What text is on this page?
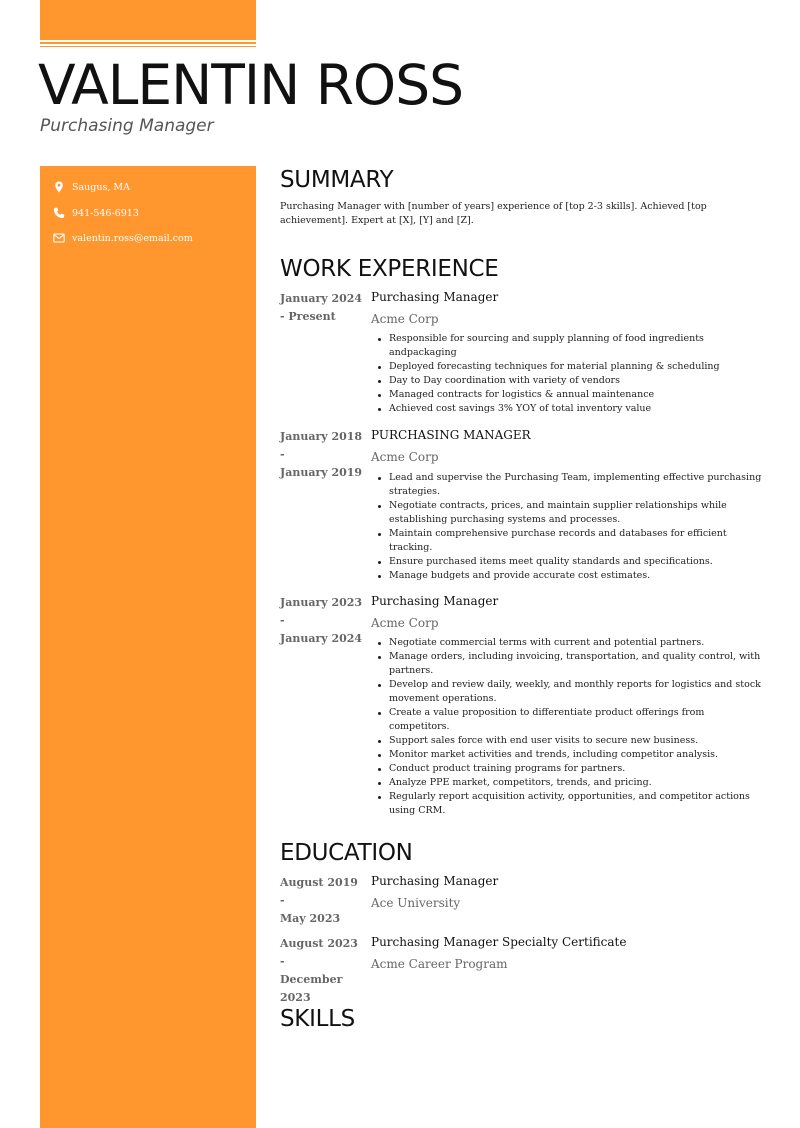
VALENTIN ROSS
Purchasing Manager
Saugus, MA
941-546-6913
valentin.ross@email.com
SUMMARY

Purchasing Manager with [number of years] experience of [top 2-3 skills]. Achieved [top achievement]. Expert at [X], [Y] and [Z].

WORK EXPERIENCE
January 2024
- Present
Purchasing Manager
Acme Corp
Responsible for sourcing and supply planning of food ingredients andpackaging
Deployed forecasting techniques for material planning & scheduling
Day to Day coordination with variety of vendors
Managed contracts for logistics & annual maintenance
Achieved cost savings 3% YOY of total inventory value
January 2018
-
January 2019
PURCHASING MANAGER
Acme Corp
Lead and supervise the Purchasing Team, implementing effective purchasing strategies.
Negotiate contracts, prices, and maintain supplier relationships while establishing purchasing systems and processes.
Maintain comprehensive purchase records and databases for efficient tracking.
Ensure purchased items meet quality standards and specifications.
Manage budgets and provide accurate cost estimates.
January 2023
-
January 2024
Purchasing Manager
Acme Corp
Negotiate commercial terms with current and potential partners.
Manage orders, including invoicing, transportation, and quality control, with partners.
Develop and review daily, weekly, and monthly reports for logistics and stock movement operations.
Create a value proposition to differentiate product offerings from competitors.
Support sales force with end user visits to secure new business.
Monitor market activities and trends, including competitor analysis.
Conduct product training programs for partners.
Analyze PPE market, competitors, trends, and pricing.
Regularly report acquisition activity, opportunities, and competitor actions using CRM.
EDUCATION
August 2019 -
May 2023
Purchasing Manager
Ace University
August 2023 -
December 2023
Purchasing Manager Specialty Certificate
Acme Career Program
SKILLS
